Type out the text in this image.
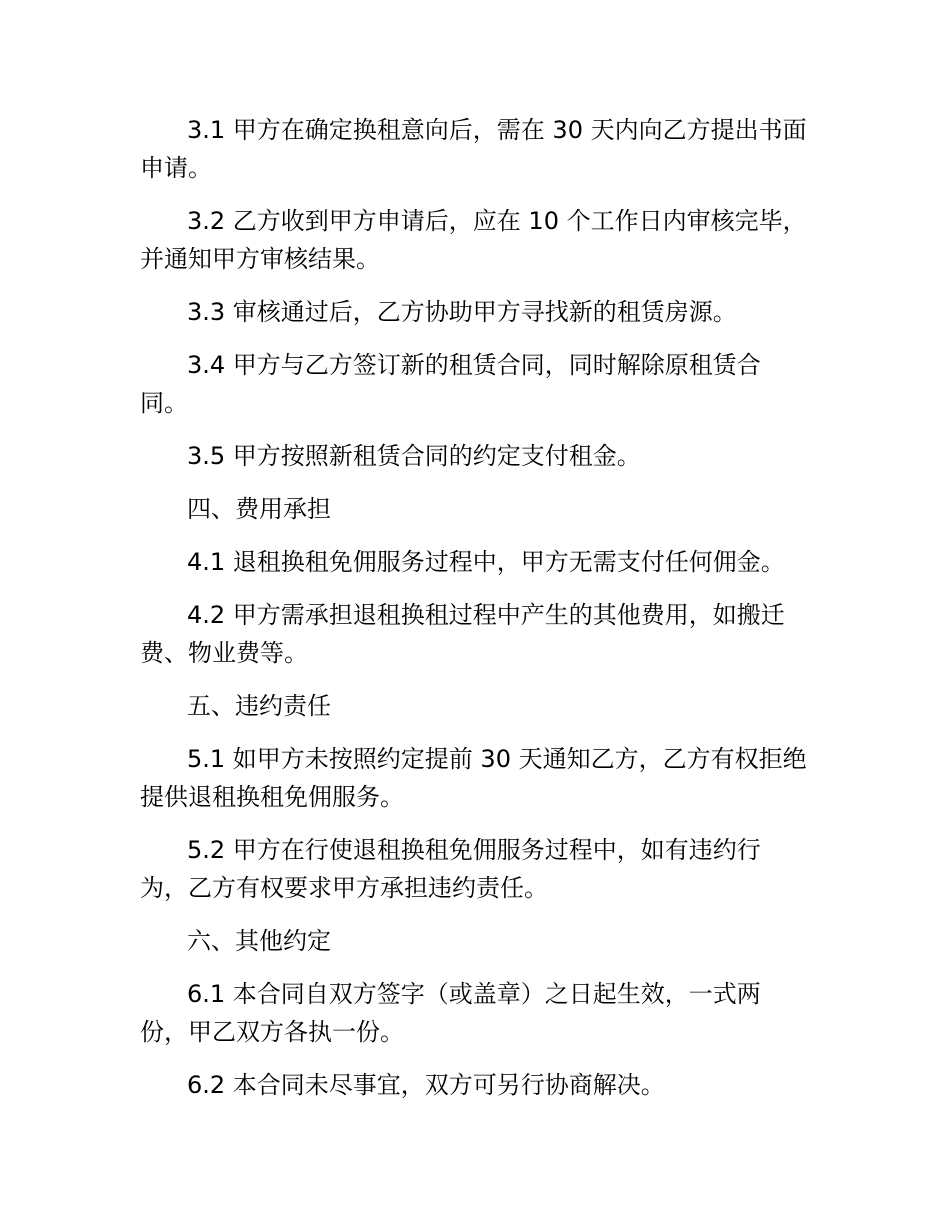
3.1 甲方在确定换租意向后，需在 30 天内向乙方提出书面申请。

3.2 乙方收到甲方申请后，应在 10 个工作日内审核完毕，并通知甲方审核结果。

3.3 审核通过后，乙方协助甲方寻找新的租赁房源。

3.4 甲方与乙方签订新的租赁合同，同时解除原租赁合同。

3.5 甲方按照新租赁合同的约定支付租金。

四、费用承担

4.1 退租换租免佣服务过程中，甲方无需支付任何佣金。

4.2 甲方需承担退租换租过程中产生的其他费用，如搬迁费、物业费等。

五、违约责任

5.1 如甲方未按照约定提前 30 天通知乙方，乙方有权拒绝提供退租换租免佣服务。

5.2 甲方在行使退租换租免佣服务过程中，如有违约行为，乙方有权要求甲方承担违约责任。

六、其他约定

6.1 本合同自双方签字（或盖章）之日起生效，一式两份，甲乙双方各执一份。

6.2 本合同未尽事宜，双方可另行协商解决。
